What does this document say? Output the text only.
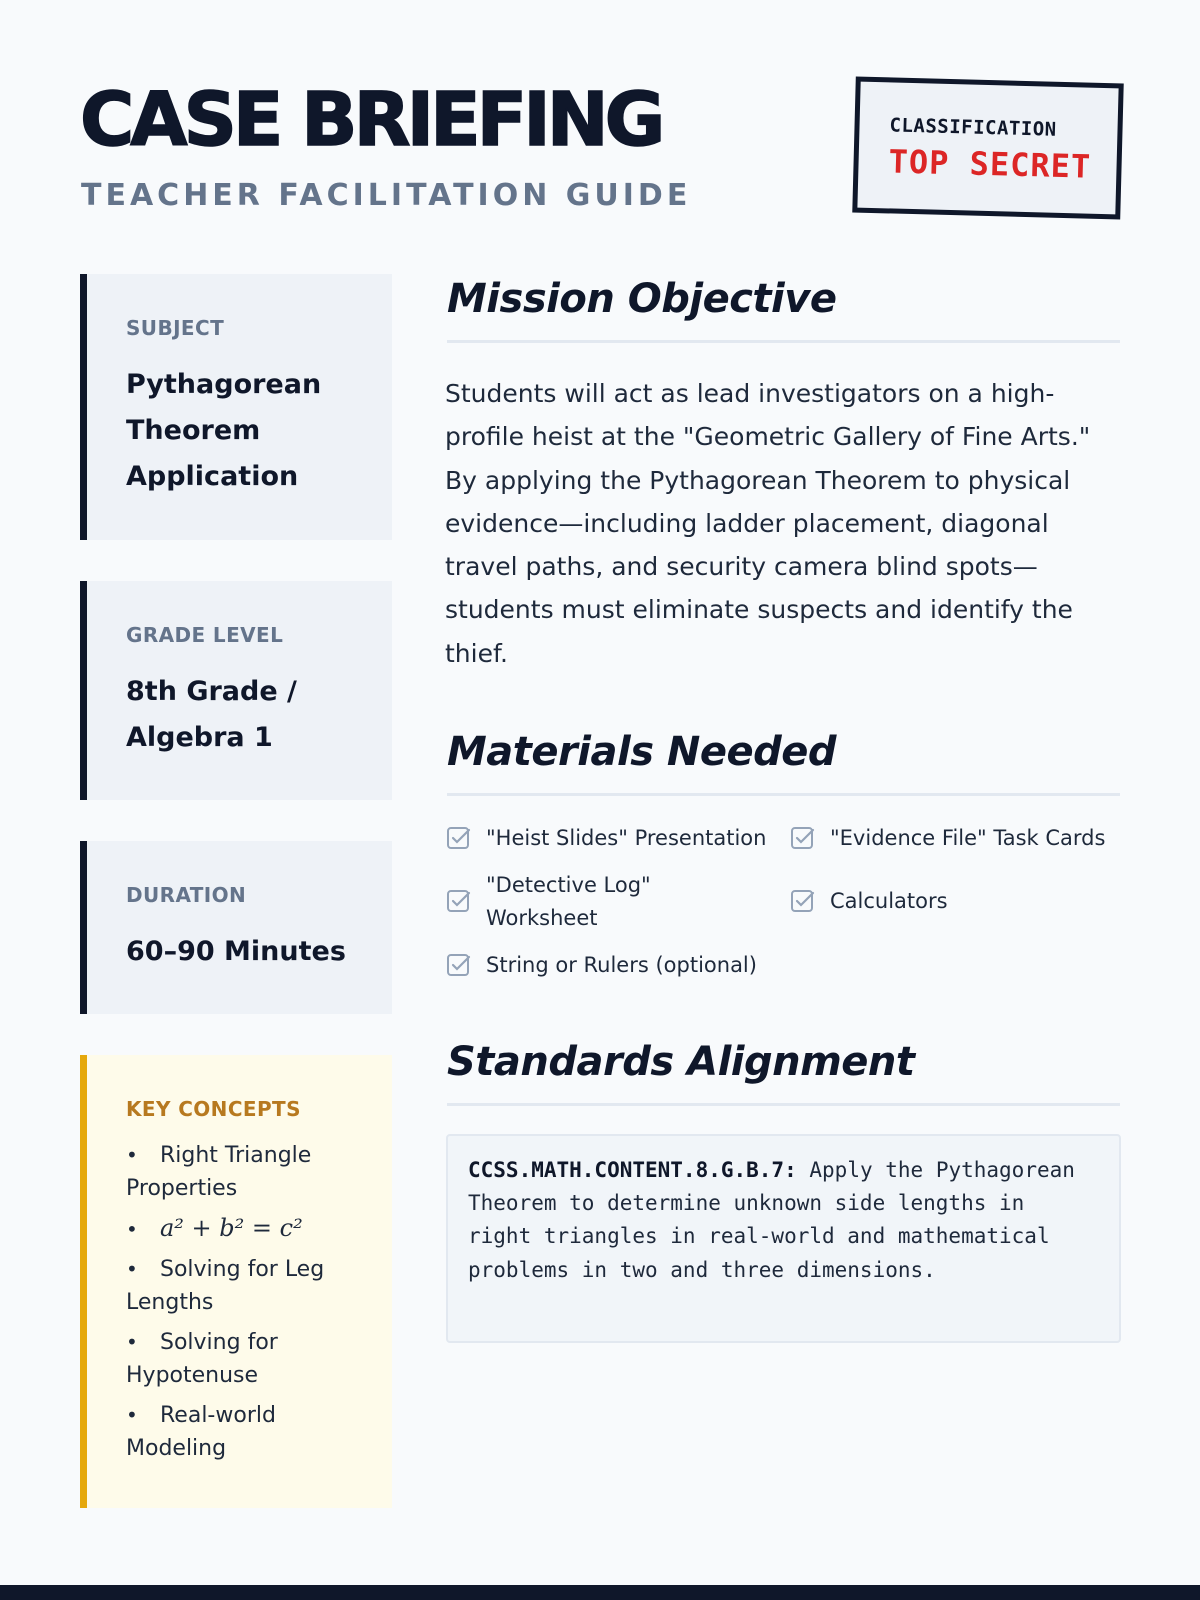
CASE BRIEFING
TEACHER FACILITATION GUIDE
CLASSIFICATION
TOP SECRET
SUBJECT
Pythagorean Theorem Application
GRADE LEVEL
8th Grade / Algebra 1
DURATION
60–90 Minutes
KEY CONCEPTS
• Right Triangle Properties
• a² + b² = c²
• Solving for Leg Lengths
• Solving for Hypotenuse
• Real-world Modeling
Mission Objective
Students will act as lead investigators on a high-profile heist at the "Geometric Gallery of Fine Arts." By applying the Pythagorean Theorem to physical evidence—including ladder placement, diagonal travel paths, and security camera blind spots—students must eliminate suspects and identify the thief.
Materials Needed
"Heist Slides" Presentation	"Evidence File" Task Cards
"Detective Log" Worksheet
Calculators
String or Rulers (optional)
Standards Alignment
CCSS.MATH.CONTENT.8.G.B.7: Apply the Pythagorean Theorem to determine unknown side lengths in right triangles in real-world and mathematical problems in two and three dimensions.
